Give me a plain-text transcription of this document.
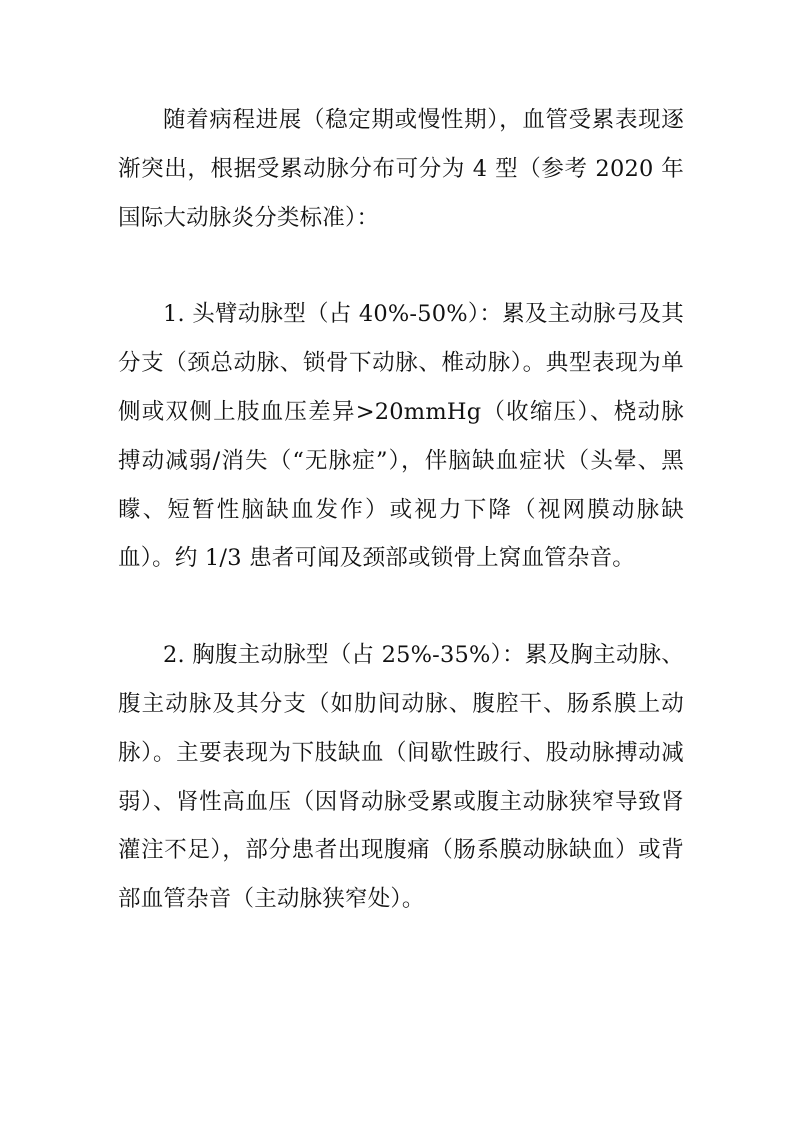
随着病程进展（稳定期或慢性期），血管受累表现逐渐突出，根据受累动脉分布可分为 4 型（参考 2020 年国际大动脉炎分类标准）：

1. 头臂动脉型（占 40%-50%）：累及主动脉弓及其分支（颈总动脉、锁骨下动脉、椎动脉）。典型表现为单侧或双侧上肢血压差异>20mmHg（收缩压）、桡动脉搏动减弱/消失（“无脉症”），伴脑缺血症状（头晕、黑矇、短暂性脑缺血发作）或视力下降（视网膜动脉缺血）。约 1/3 患者可闻及颈部或锁骨上窝血管杂音。

2. 胸腹主动脉型（占 25%-35%）：累及胸主动脉、腹主动脉及其分支（如肋间动脉、腹腔干、肠系膜上动脉）。主要表现为下肢缺血（间歇性跛行、股动脉搏动减弱）、肾性高血压（因肾动脉受累或腹主动脉狭窄导致肾灌注不足），部分患者出现腹痛（肠系膜动脉缺血）或背部血管杂音（主动脉狭窄处）。
